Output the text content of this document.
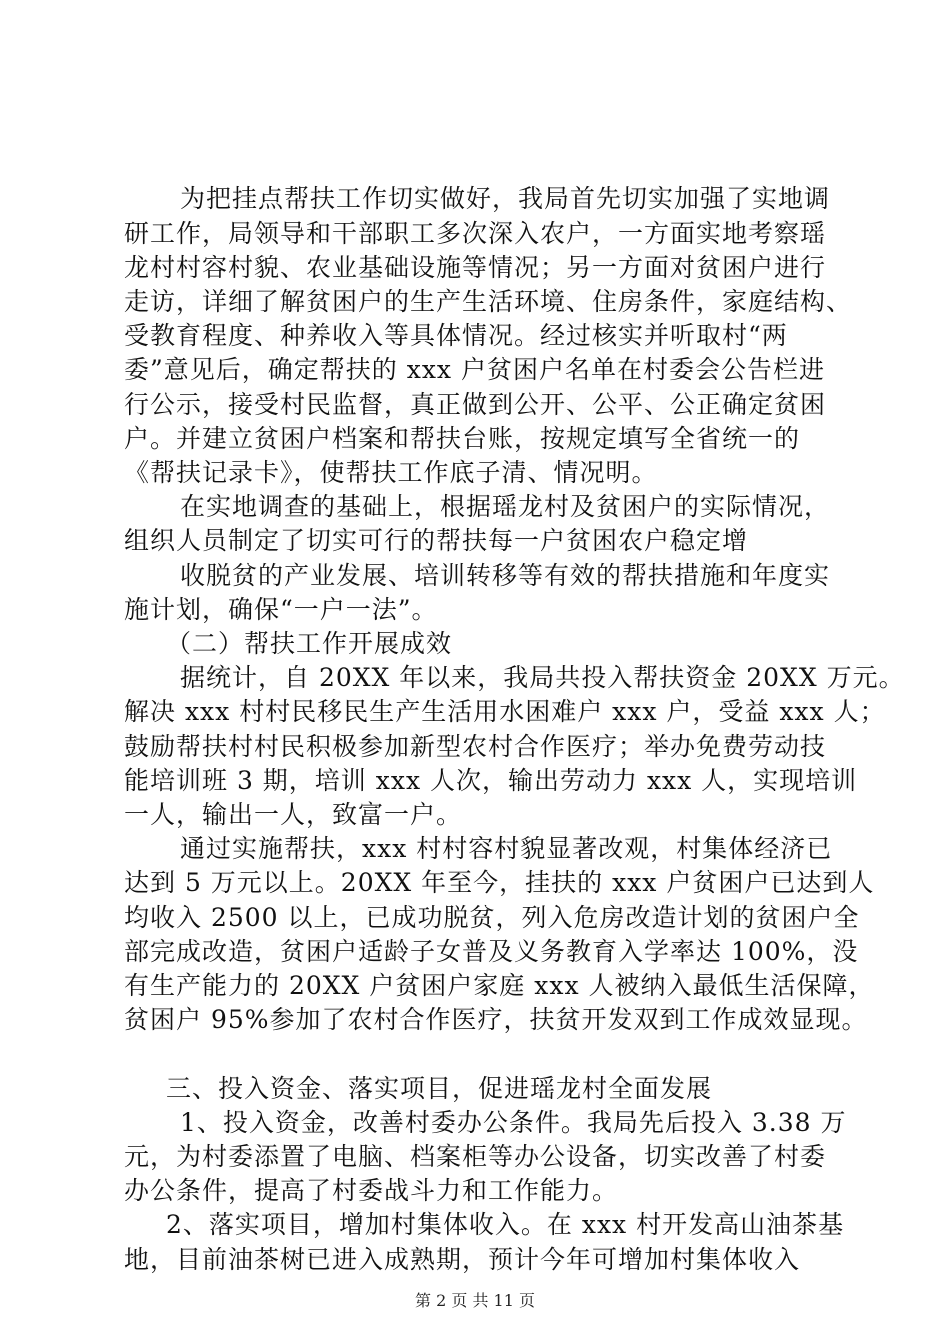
为把挂点帮扶工作切实做好，我局首先切实加强了实地调
研工作，局领导和干部职工多次深入农户，一方面实地考察瑶
龙村村容村貌、农业基础设施等情况；另一方面对贫困户进行
走访，详细了解贫困户的生产生活环境、住房条件，家庭结构、
受教育程度、种养收入等具体情况。经过核实并听取村“两
委”意见后，确定帮扶的 xxx 户贫困户名单在村委会公告栏进
行公示，接受村民监督，真正做到公开、公平、公正确定贫困
户。并建立贫困户档案和帮扶台账，按规定填写全省统一的
《帮扶记录卡》，使帮扶工作底子清、情况明。
在实地调查的基础上，根据瑶龙村及贫困户的实际情况，
组织人员制定了切实可行的帮扶每一户贫困农户稳定增
收脱贫的产业发展、培训转移等有效的帮扶措施和年度实
施计划，确保“一户一法”。
（二）帮扶工作开展成效
据统计，自 20XX 年以来，我局共投入帮扶资金 20XX 万元。
解决 xxx 村村民移民生产生活用水困难户 xxx 户，受益 xxx 人；
鼓励帮扶村村民积极参加新型农村合作医疗；举办免费劳动技
能培训班 3 期，培训 xxx 人次，输出劳动力 xxx 人，实现培训
一人，输出一人，致富一户。
通过实施帮扶，xxx 村村容村貌显著改观，村集体经济已
达到 5 万元以上。20XX 年至今，挂扶的 xxx 户贫困户已达到人
均收入 2500 以上，已成功脱贫，列入危房改造计划的贫困户全
部完成改造，贫困户适龄子女普及义务教育入学率达 100%，没
有生产能力的 20XX 户贫困户家庭 xxx 人被纳入最低生活保障，
贫困户 95%参加了农村合作医疗，扶贫开发双到工作成效显现。
三、投入资金、落实项目，促进瑶龙村全面发展
1、投入资金，改善村委办公条件。我局先后投入 3.38 万
元，为村委添置了电脑、档案柜等办公设备，切实改善了村委
办公条件，提高了村委战斗力和工作能力。
2、落实项目，增加村集体收入。在 xxx 村开发高山油茶基
地，目前油茶树已进入成熟期，预计今年可增加村集体收入
第 2 页 共 11 页
